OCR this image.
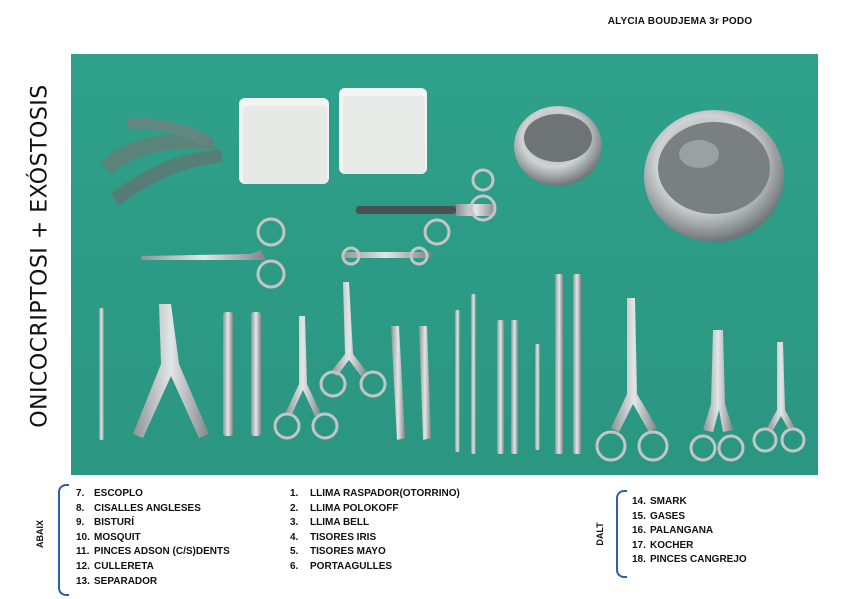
ALYCIA BOUDJEMA 3r PODO
ONICOCRIPTOSI + EXÓSTOSIS
ABAIX	DALT
7. ESCOPLO
8. CISALLES ANGLESES
9. BISTURÍ
10. MOSQUIT
11. PINCES ADSON (C/S)DENTS
12. CULLERETA
13. SEPARADOR
1. LLIMA RASPADOR(OTORRINO)
2. LLIMA POLOKOFF
3. LLIMA BELL
4. TISORES IRIS
5. TISORES MAYO
6. PORTAAGULLES
14. SMARK
15. GASES
16. PALANGANA
17. KOCHER
18. PINCES CANGREJO
